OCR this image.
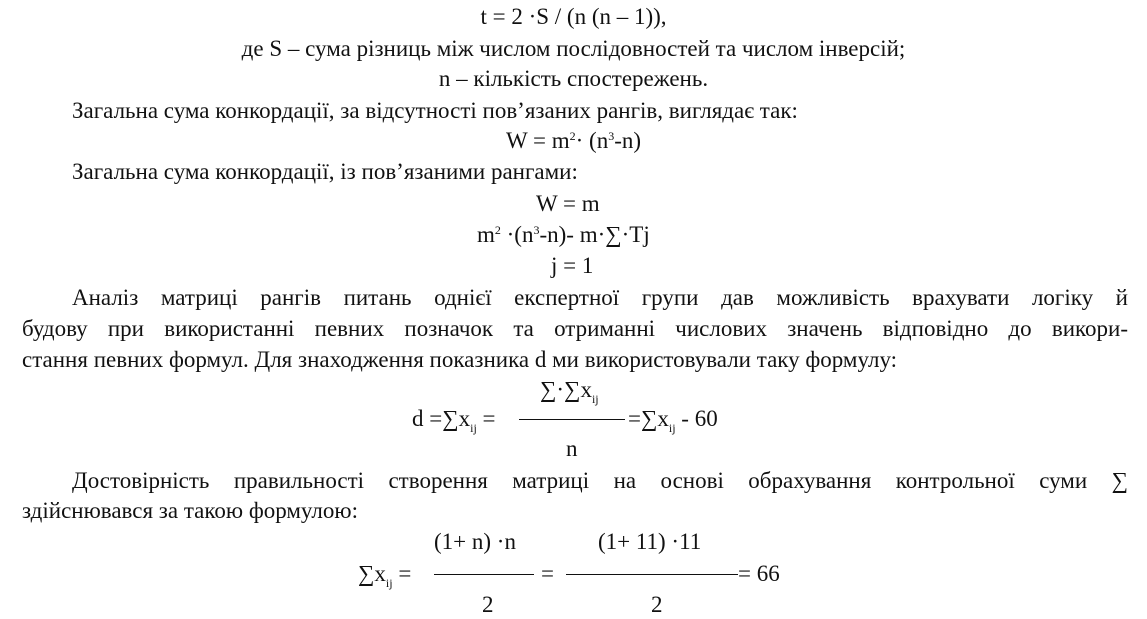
t = 2 ·S / (n (n – 1)),
де S – сума різниць між числом послідовностей та числом інверсій;
n – кількість спостережень.
Загальна сума конкордації, за відсутності пов’язаних рангів, виглядає так:
$W = m^2\cdot (n^3-n)$
Загальна сума конкордації, із пов’язаними рангами:
W = m
$m^2 \cdot(n^3-n)-$ m·∑·Tj
j = 1
Аналіз матриці рангів питань однієї експертної групи дав можливість врахувати логіку й
будову при використанні певних позначок та отриманні числових значень відповідно до викори-
стання певних формул. Для знаходження показника d ми використовували таку формулу:
$\sum\cdot\sum x_{ij}$
$d =\sum x_{ij}$ =	$=\sum x_{ij} - 60$
n
Достовірність правильності створення матриці на основі обрахування контрольної суми ∑
здійснювався за такою формулою:
(1+ n) ·n	(1+ 11) ·11
$\sum x_{ij}$ =	=	= 66
2	2
